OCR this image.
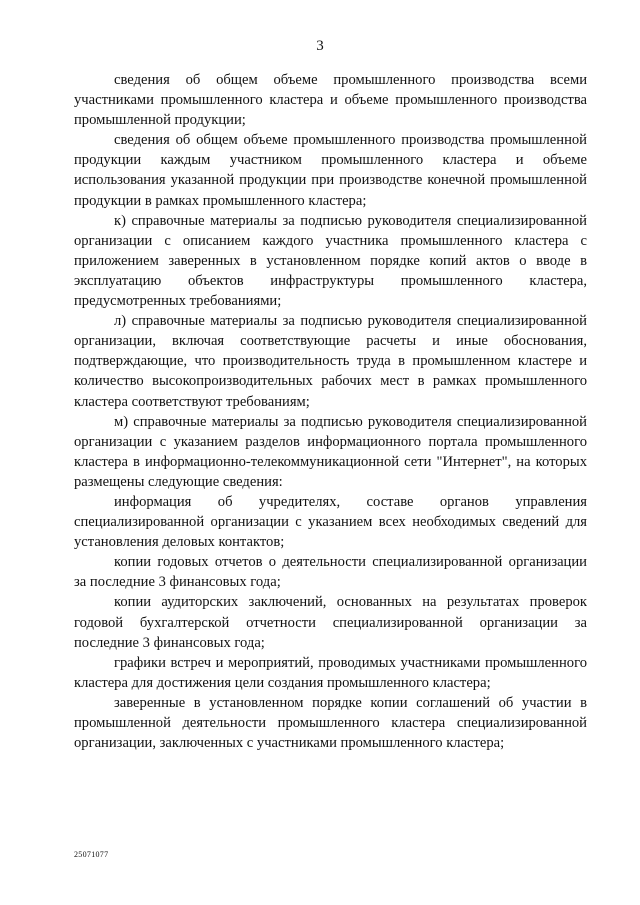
3

сведения об общем объеме промышленного производства всеми участниками промышленного кластера и объеме промышленного производства промышленной продукции;

сведения об общем объеме промышленного производства промышленной продукции каждым участником промышленного кластера и объеме использования указанной продукции при производстве конечной промышленной продукции в рамках промышленного кластера;

к) справочные материалы за подписью руководителя специализированной организации с описанием каждого участника промышленного кластера с приложением заверенных в установленном порядке копий актов о вводе в эксплуатацию объектов инфраструктуры промышленного кластера, предусмотренных требованиями;

л) справочные материалы за подписью руководителя специализированной организации, включая соответствующие расчеты и иные обоснования, подтверждающие, что производительность труда в промышленном кластере и количество высокопроизводительных рабочих мест в рамках промышленного кластера соответствуют требованиям;

м) справочные материалы за подписью руководителя специализированной организации с указанием разделов информационного портала промышленного кластера в информационно-телекоммуникационной сети "Интернет", на которых размещены следующие сведения:

информация об учредителях, составе органов управления специализированной организации с указанием всех необходимых сведений для установления деловых контактов;

копии годовых отчетов о деятельности специализированной организации за последние 3 финансовых года;

копии аудиторских заключений, основанных на результатах проверок годовой бухгалтерской отчетности специализированной организации за последние 3 финансовых года;

графики встреч и мероприятий, проводимых участниками промышленного кластера для достижения цели создания промышленного кластера;

заверенные в установленном порядке копии соглашений об участии в промышленной деятельности промышленного кластера специализированной организации, заключенных с участниками промышленного кластера;

25071077
